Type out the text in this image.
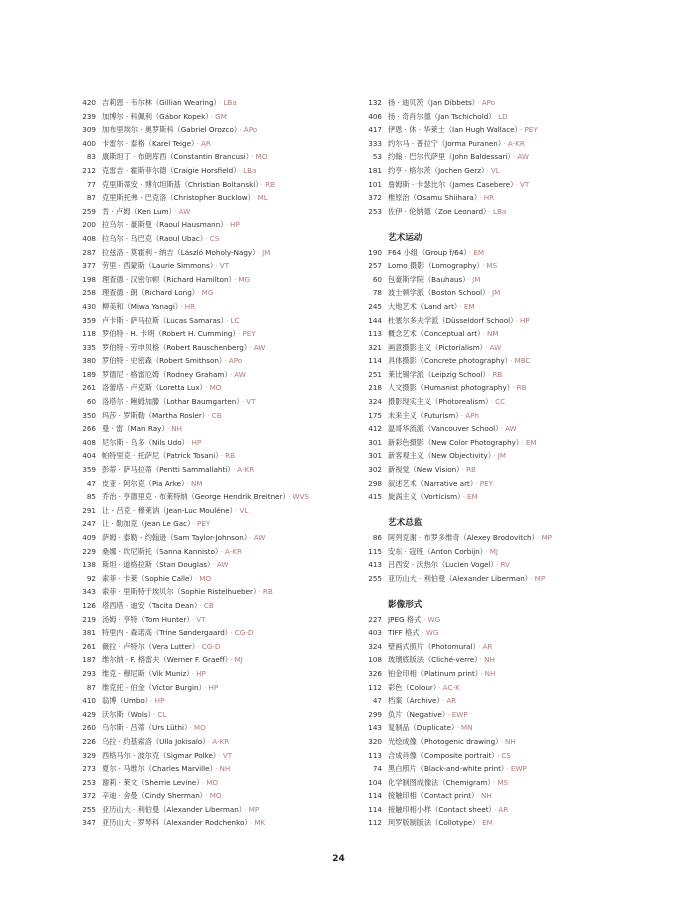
420 吉莉恩 · 韦尔林（Gillian Wearing） · LBa
239 加博尔 · 科佩利（Gábor Kopek） · GM
309 加布里埃尔 · 奥罗斯科（Gabriel Orozco） · APo
400 卡雷尔 · 泰格（Karel Teige） · AR
83 康斯坦丁 · 布朗库西（Constantin Brancusi） · MO
212 克雷吉 · 霍斯菲尔德（Craigie Horsfield） · LBa
77 克里斯蒂安 · 博尔坦斯基（Christian Boltanski） · RB
87 克里斯托弗 · 巴克洛（Christopher Bucklow） · ML
259 肯 · 卢姆（Ken Lum） · AW
200 拉乌尔 · 豪斯曼（Raoul Hausmann） · HP
408 拉乌尔 · 乌巴克（Raoul Ubac） · CS
287 拉兹洛 · 莫霍利 - 纳吉（László Moholy-Nagy） · JM
377 劳里 · 西蒙斯（Laurie Simmons） · VT
198 理查德 · 汉密尔顿（Richard Hamilton） · MG
258 理查德 · 朗（Richard Long） · MG
430 柳美和（Miwa Yanagi） · HR
359 卢卡斯 · 萨马拉斯（Lucas Samaras） · LC
118 罗伯特 · H. 卡明（Robert H. Cumming） · PEY
335 罗伯特 · 劳申贝格（Robert Rauschenberg） · AW
380 罗伯特 · 史密森（Robert Smithson） · APo
189 罗德尼 · 格雷厄姆（Rodney Graham） · AW
261 洛蕾塔 · 卢克斯（Loretta Lux） · MO
60 洛塔尔 · 鲍姆加滕（Lothar Baumgarten） · VT
350 玛莎 · 罗斯勒（Martha Rosler） · CB
266 曼 · 雷（Man Ray） · NH
408 尼尔斯 · 乌多（Nils Udo） · HP
404 帕特里克 · 托萨尼（Patrick Tosani） · RB
359 彭蒂 · 萨马拉蒂（Pentti Sammallahti） · A-KR
47 皮亚 · 阿尔克（Pia Arke） · NM
85 乔治 · 亨德里克 · 布莱特纳（George Hendrik Breitner） · WVS
291 让 - 吕克 · 穆莱讷（Jean-Luc Moulène） · VL
247 让 · 勒加克（Jean Le Gac） · PEY
409 萨姆 · 泰勒 - 约翰逊（Sam Taylor-Johnson） · AW
229 桑娜 · 坎尼斯托（Sanna Kannisto） · A-KR
138 斯坦 · 道格拉斯（Stan Douglas） · AW
92 索菲 · 卡莱（Sophie Calle） · MO
343 索菲 · 里斯特于埃贝尔（Sophie Ristelhueber） · RB
126 塔西塔 · 迪安（Tacita Dean） · CB
219 汤姆 · 亨特（Tom Hunter） · VT
381 特里内 · 森诺高（Trine Søndergaard） · CG-D
261 薇拉 · 卢特尔（Vera Lutter） · CG-D
187 维尔纳 · F. 格雷夫（Werner F. Graeff） · MJ
293 维克 · 穆尼斯（Vik Muniz） · HP
87 维克托 · 伯金（Victor Burgin） · HP
410 翁博（Umbo） · HP
429 沃尔斯（Wols） · CL
260 乌尔斯 · 吕蒂（Urs Lüthi） · MO
226 乌拉 · 约基索洛（Ulla Jokisalo） · A-KR
329 西格马尔 · 波尔克（Sigmar Polke） · VT
273 夏尔 · 马维尔（Charles Marville） · NH
253 谢莉 · 莱文（Sherrie Levine） · MO
372 辛迪 · 舍曼（Cindy Sherman） · MO
255 亚历山大 · 利伯曼（Alexander Liberman） · MP
347 亚历山大 · 罗琴科（Alexander Rodchenko） · MK
132 扬 · 迪贝茨（Jan Dibbets） · APo
406 扬 · 奇肖尔德（Jan Tschichold） · LD
417 伊恩 · 休 · 华莱士（Ian Hugh Wallace） · PEY
333 约尔马 · 普拉宁（Jorma Puranen） · A-KR
53 约翰 · 巴尔代萨里（John Baldessari） · AW
181 约亨 · 格尔茨（Jochen Gerz） · VL
101 詹姆斯 · 卡瑟比尔（James Casebere） · VT
372 椎原治（Osamu Shiihara） · HR
253 佐伊 · 伦纳德（Zoe Leonard） · LBa
艺术运动
190 F64 小组（Group f/64） · EM
257 Lomo 摄影（Lomography） · MS
60 包豪斯学院（Bauhaus） · JM
78 波士顿学派（Boston School） · JM
245 大地艺术（Land art） · EM
144 杜塞尔多夫学派（Düsseldorf School） · HP
113 概念艺术（Conceptual art） · NM
321 画意摄影主义（Pictorialism） · AW
114 具体摄影（Concrete photography） · MBC
251 莱比锡学派（Leipzig School） · RB
218 人文摄影（Humanist photography） · RB
324 摄影现实主义（Photorealism） · CC
175 未来主义（Futurism） · APh
412 温哥华流派（Vancouver School） · AW
301 新彩色摄影（New Color Photography） · EM
301 新客观主义（New Objectivity） · JM
302 新视觉（New Vision） · RB
298 叙述艺术（Narrative art） · PEY
415 旋涡主义（Vorticism） · EM
艺术总监
86 阿列克谢 · 布罗多维奇（Alexey Brodovitch） · MP
115 安东 · 寇班（Anton Corbijn） · MJ
413 吕西安 · 沃热尔（Lucien Vogel） · RV
255 亚历山大 · 利伯曼（Alexander Liberman） · MP
影像形式
227 JPEG 格式 · WG
403 TIFF 格式 · WG
324 壁画式照片（Photomural） · AR
108 玻璃底版法（Cliché-verre） · NH
326 铂金印相（Platinum print） · NH
112 彩色（Colour） · AC-K
47 档案（Archive） · AR
299 负片（Negative） · EWP
143 复制品（Duplicate） · MN
320 光绘成像（Photogenic drawing） · NH
113 合成肖像（Composite portrait） · CS
74 黑白照片（Black-and-white print） · EWP
104 化学制图成像法（Chemigram） · MS
114 接触印相（Contact print） · NH
114 接触印相小样（Contact sheet） · AR
112 珂罗版制版法（Collotype） · EM
24
